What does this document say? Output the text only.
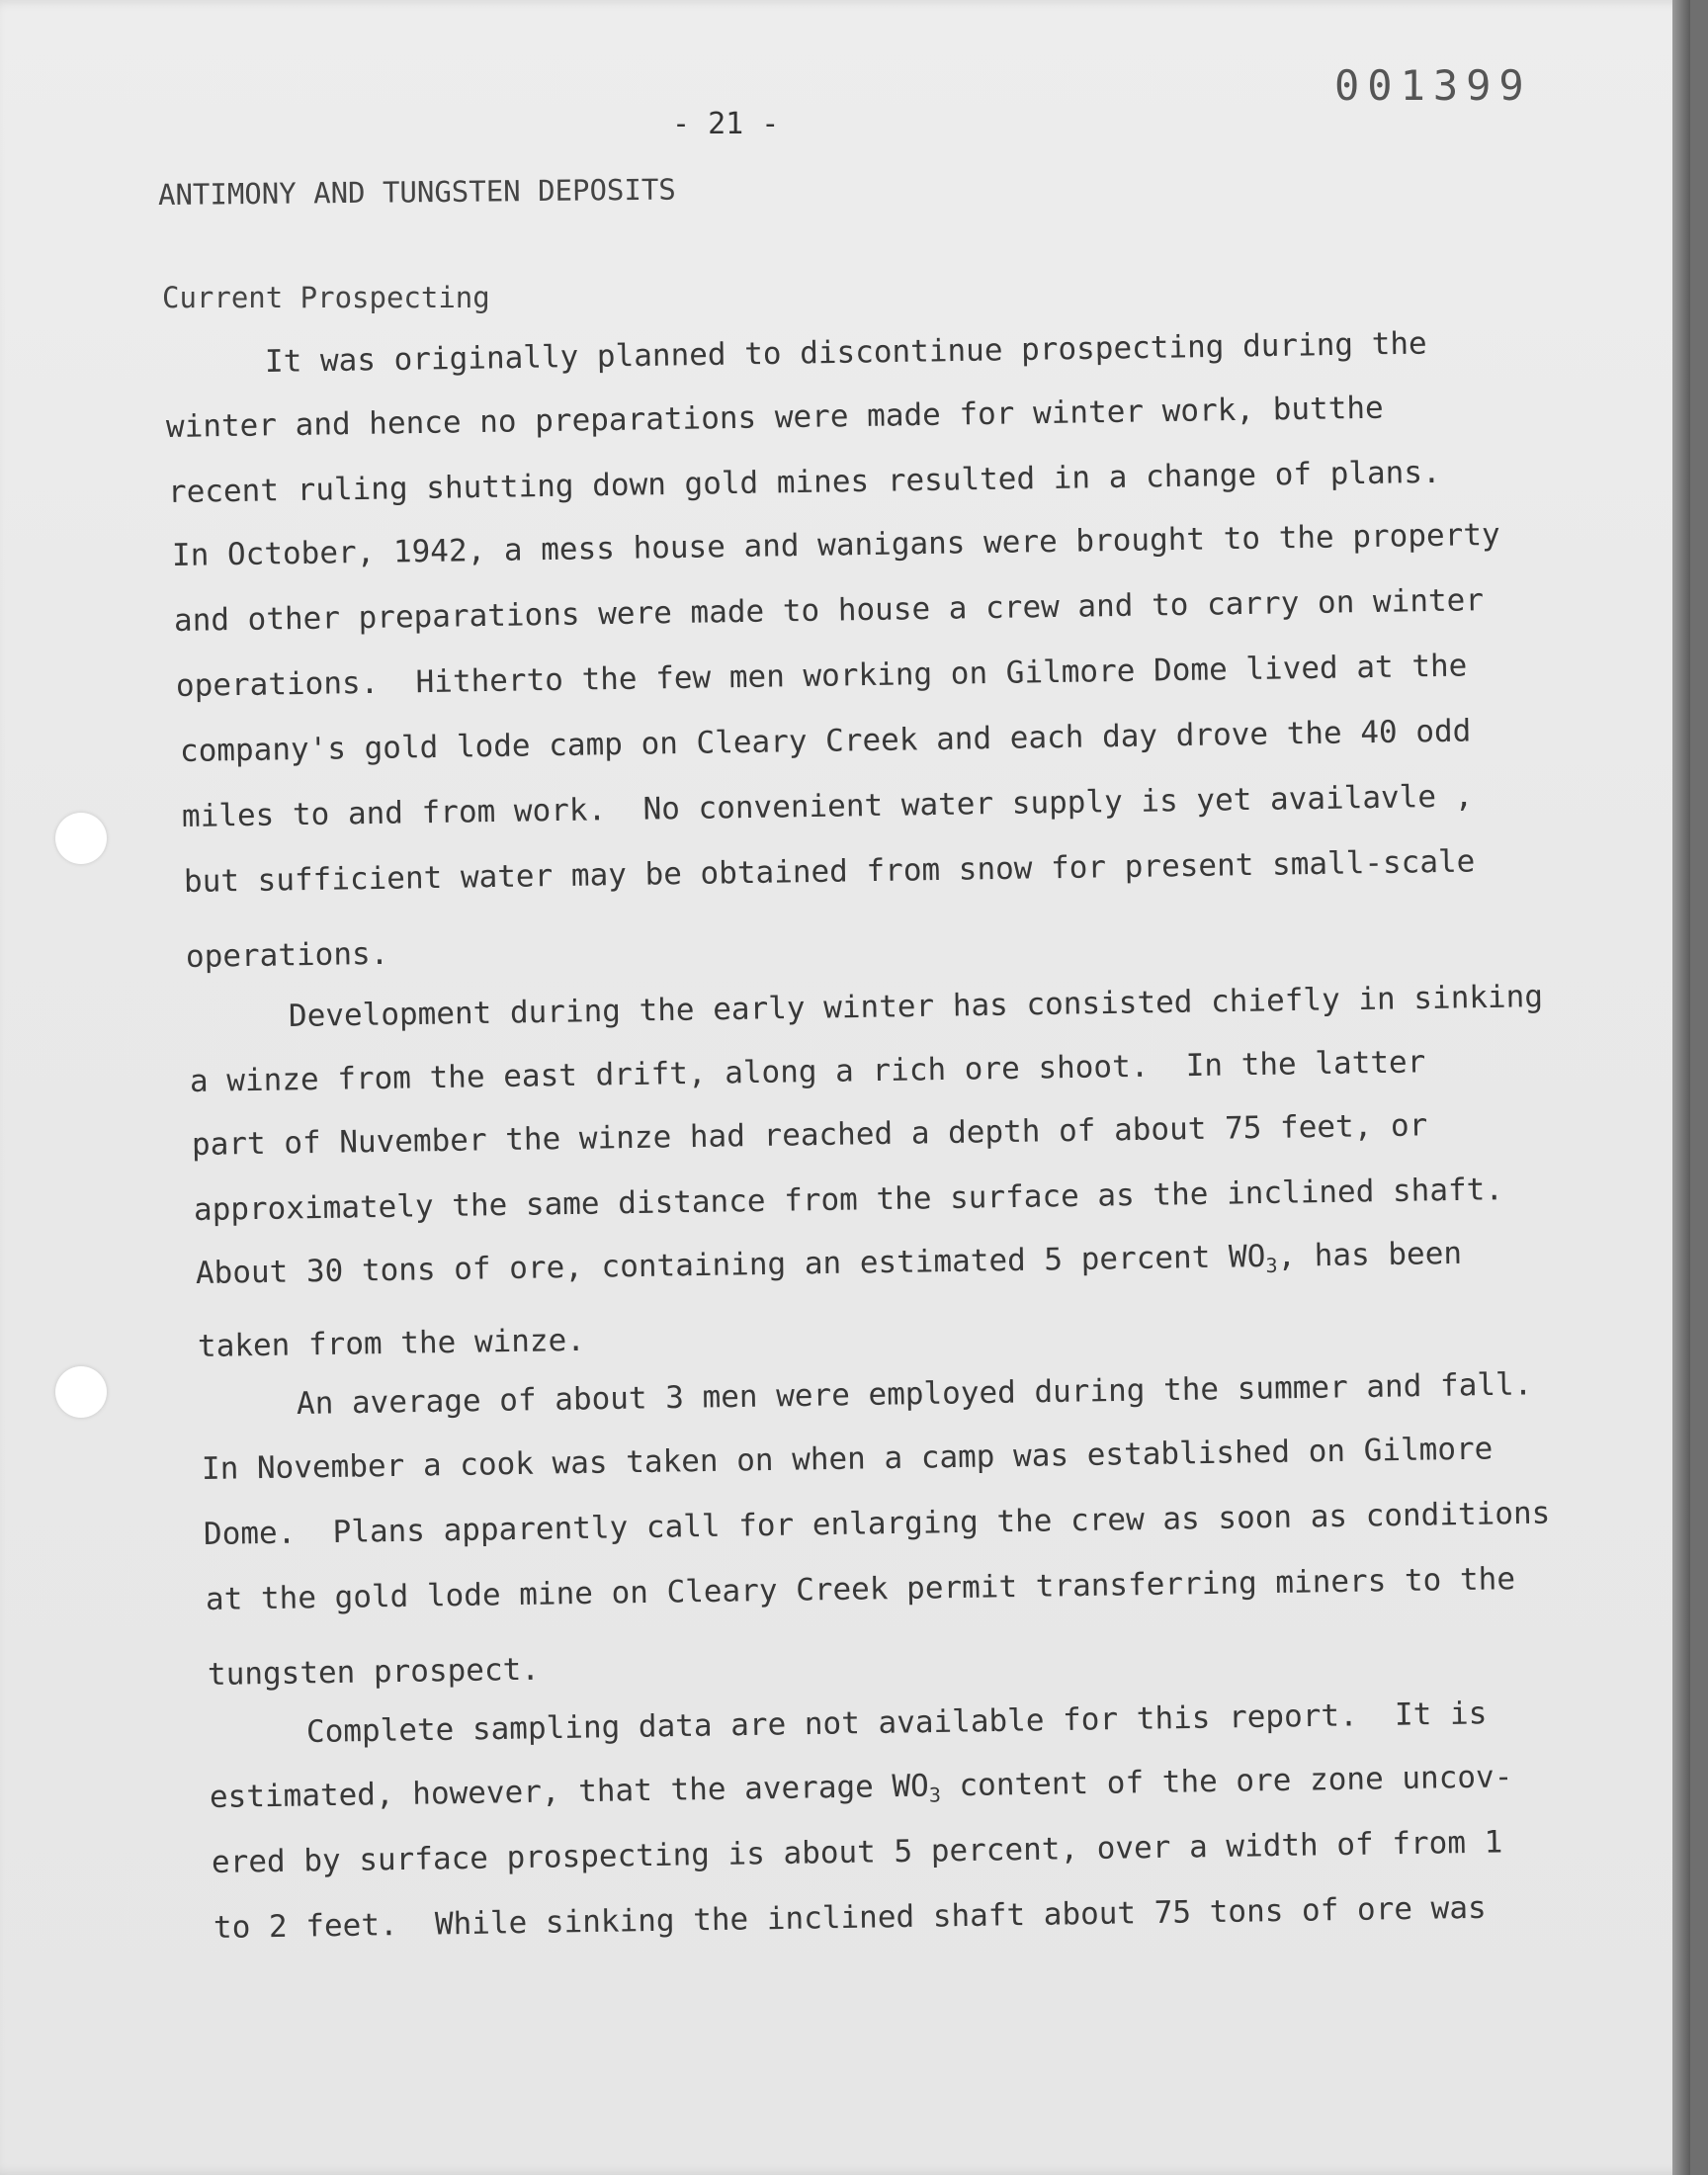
001399
- 21 -
ANTIMONY AND TUNGSTEN DEPOSITS
Current Prospecting
It was originally planned to discontinue prospecting during the
winter and hence no preparations were made for winter work, butthe
recent ruling shutting down gold mines resulted in a change of plans.
In October, 1942, a mess house and wanigans were brought to the property
and other preparations were made to house a crew and to carry on winter
operations.  Hitherto the few men working on Gilmore Dome lived at the
company's gold lode camp on Cleary Creek and each day drove the 40 odd
miles to and from work.  No convenient water supply is yet availavle ,
but sufficient water may be obtained from snow for present small-scale
operations.
Development during the early winter has consisted chiefly in sinking
a winze from the east drift, along a rich ore shoot.  In the latter
part of Nuvember the winze had reached a depth of about 75 feet, or
approximately the same distance from the surface as the inclined shaft.
About 30 tons of ore, containing an estimated 5 percent $WO_3$, has been
taken from the winze.
An average of about 3 men were employed during the summer and fall.
In November a cook was taken on when a camp was established on Gilmore
Dome.  Plans apparently call for enlarging the crew as soon as conditions
at the gold lode mine on Cleary Creek permit transferring miners to the
tungsten prospect.
Complete sampling data are not available for this report.  It is
estimated, however, that the average $WO_3$ content of the ore zone uncov-
ered by surface prospecting is about 5 percent, over a width of from 1
to 2 feet.  While sinking the inclined shaft about 75 tons of ore was
